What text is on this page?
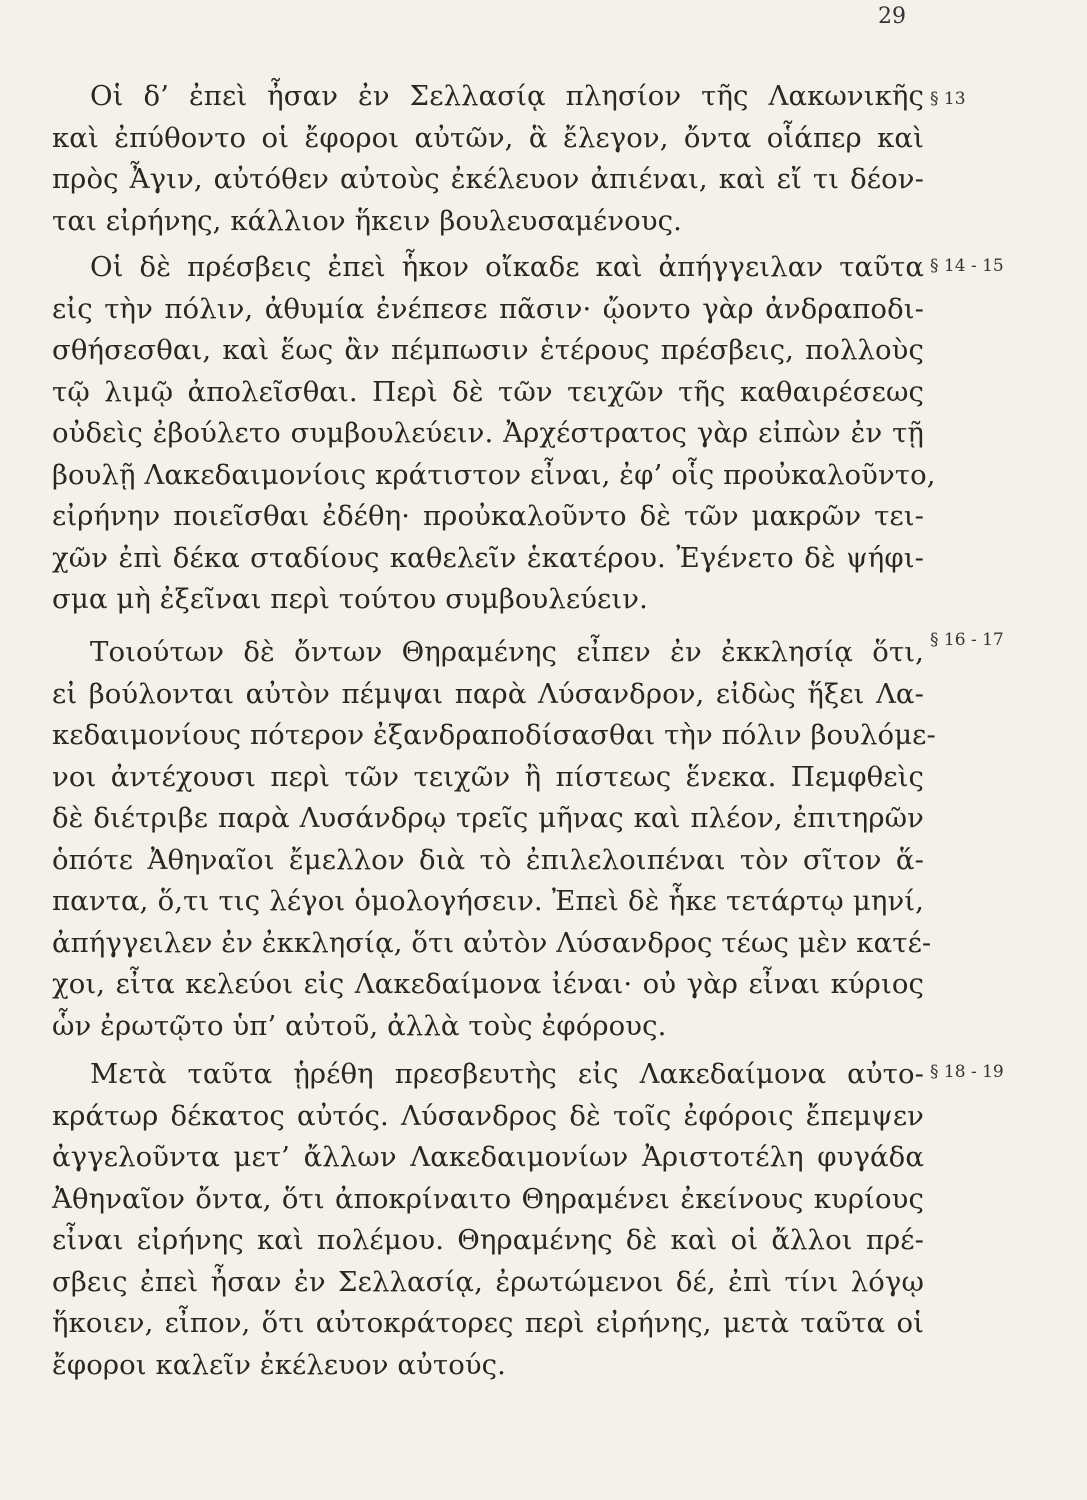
29
Οἱ δ’ ἐπεὶ ἦσαν ἐν Σελλασίᾳ πλησίον τῆς Λακωνικῆς
καὶ ἐπύθοντο οἱ ἔφοροι αὐτῶν, ἃ ἔλεγον, ὄντα οἷάπερ καὶ
πρὸς Ἆγιν, αὐτόθεν αὐτοὺς ἐκέλευον ἀπιέναι, καὶ εἴ τι δέον-
ται εἰρήνης, κάλλιον ἥκειν βουλευσαμένους.
§ 13
Οἱ δὲ πρέσβεις ἐπεὶ ἧκον οἴκαδε καὶ ἀπήγγειλαν ταῦτα
εἰς τὴν πόλιν, ἀθυμία ἐνέπεσε πᾶσιν· ᾤοντο γὰρ ἀνδραποδι-
σθήσεσθαι, καὶ ἕως ἂν πέμπωσιν ἑτέρους πρέσβεις, πολλοὺς
τῷ λιμῷ ἀπολεῖσθαι. Περὶ δὲ τῶν τειχῶν τῆς καθαιρέσεως
οὐδεὶς ἐβούλετο συμβουλεύειν. Ἀρχέστρατος γὰρ εἰπὼν ἐν τῇ
βουλῇ Λακεδαιμονίοις κράτιστον εἶναι, ἐφ’ οἷς προὐκαλοῦντο,
εἰρήνην ποιεῖσθαι ἐδέθη· προὐκαλοῦντο δὲ τῶν μακρῶν τει-
χῶν ἐπὶ δέκα σταδίους καθελεῖν ἑκατέρου. Ἐγένετο δὲ ψήφι-
σμα μὴ ἐξεῖναι περὶ τούτου συμβουλεύειν.
§ 14 - 15
Τοιούτων δὲ ὄντων Θηραμένης εἶπεν ἐν ἐκκλησίᾳ ὅτι,
εἰ βούλονται αὐτὸν πέμψαι παρὰ Λύσανδρον, εἰδὼς ἥξει Λα-
κεδαιμονίους πότερον ἐξανδραποδίσασθαι τὴν πόλιν βουλόμε-
νοι ἀντέχουσι περὶ τῶν τειχῶν ἢ πίστεως ἕνεκα. Πεμφθεὶς
δὲ διέτριβε παρὰ Λυσάνδρῳ τρεῖς μῆνας καὶ πλέον, ἐπιτηρῶν
ὁπότε Ἀθηναῖοι ἔμελλον διὰ τὸ ἐπιλελοιπέναι τὸν σῖτον ἅ-
παντα, ὅ,τι τις λέγοι ὁμολογήσειν. Ἐπεὶ δὲ ἧκε τετάρτῳ μηνί,
ἀπήγγειλεν ἐν ἐκκλησίᾳ, ὅτι αὐτὸν Λύσανδρος τέως μὲν κατέ-
χοι, εἶτα κελεύοι εἰς Λακεδαίμονα ἰέναι· οὐ γὰρ εἶναι κύριος
ὧν ἐρωτῷτο ὑπ’ αὐτοῦ, ἀλλὰ τοὺς ἐφόρους.
§ 16 - 17
Μετὰ ταῦτα ᾑρέθη πρεσβευτὴς εἰς Λακεδαίμονα αὐτο-
κράτωρ δέκατος αὐτός. Λύσανδρος δὲ τοῖς ἐφόροις ἔπεμψεν
ἀγγελοῦντα μετ’ ἄλλων Λακεδαιμονίων Ἀριστοτέλη φυγάδα
Ἀθηναῖον ὄντα, ὅτι ἀποκρίναιτο Θηραμένει ἐκείνους κυρίους
εἶναι εἰρήνης καὶ πολέμου. Θηραμένης δὲ καὶ οἱ ἄλλοι πρέ-
σβεις ἐπεὶ ἦσαν ἐν Σελλασίᾳ, ἐρωτώμενοι δέ, ἐπὶ τίνι λόγῳ
ἥκοιεν, εἶπον, ὅτι αὐτοκράτορες περὶ εἰρήνης, μετὰ ταῦτα οἱ
ἔφοροι καλεῖν ἐκέλευον αὐτούς.
§ 18 - 19
